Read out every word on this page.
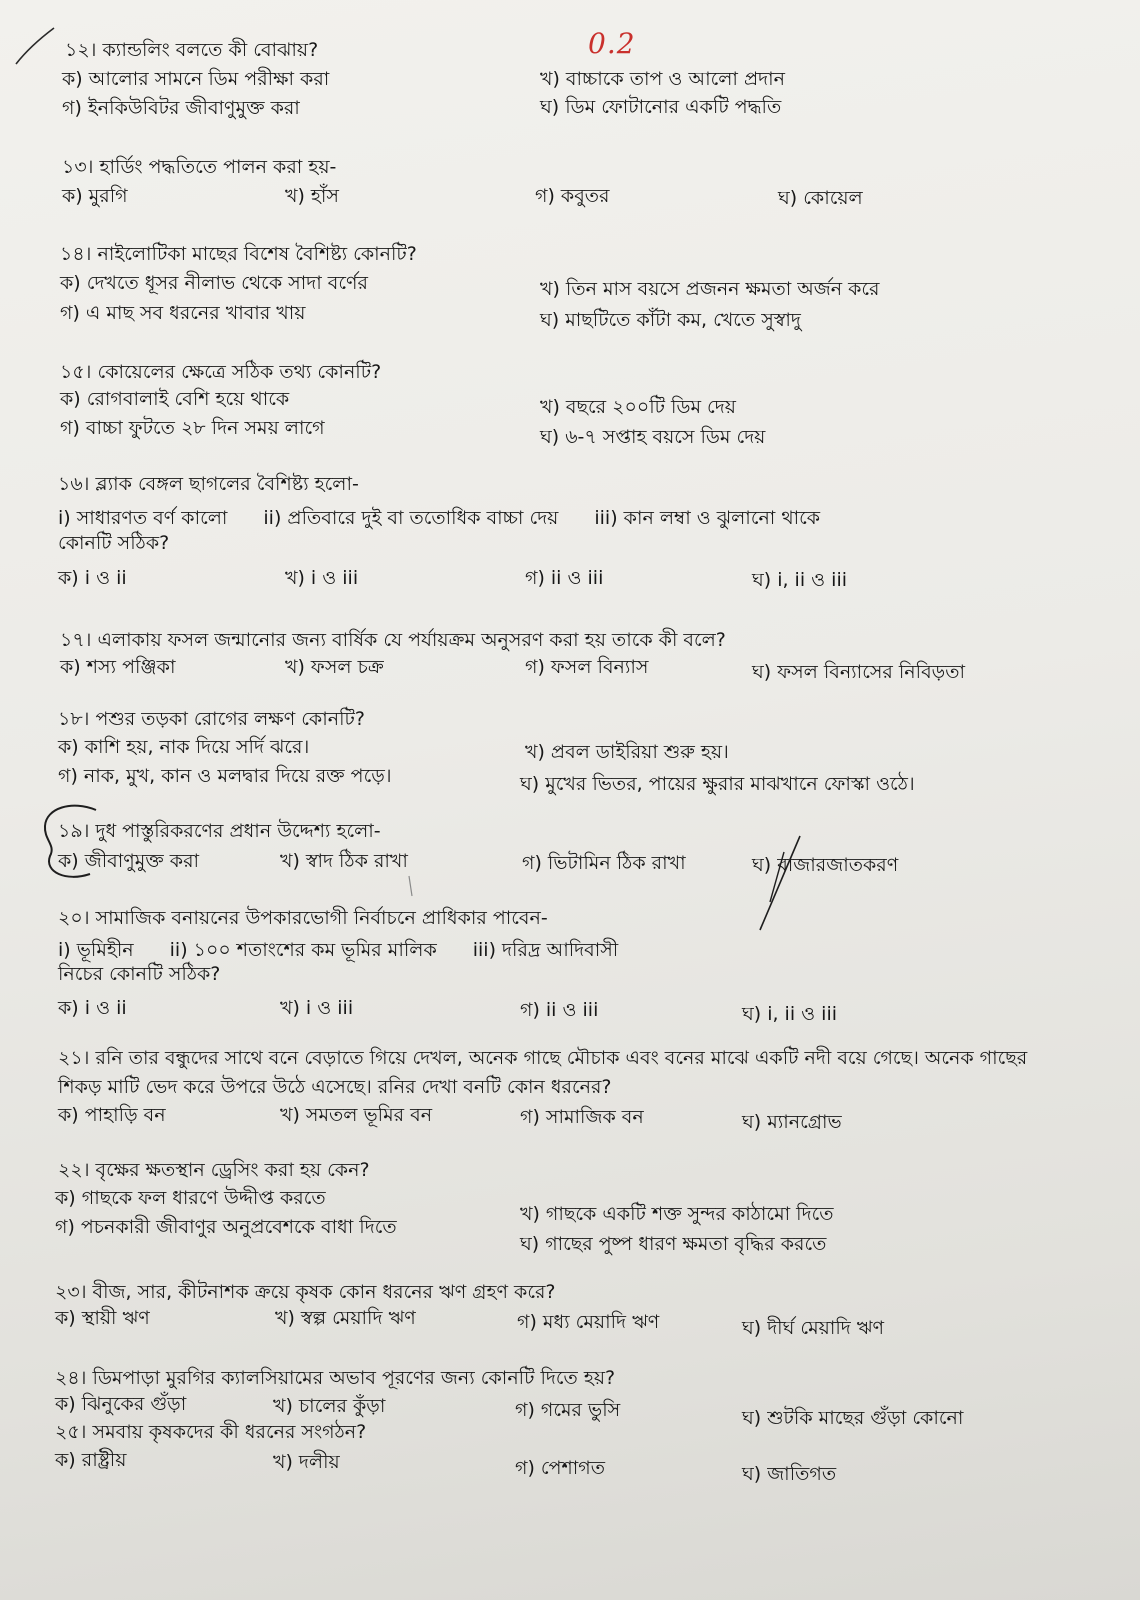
0.2
১২। ক্যান্ডলিং বলতে কী বোঝায়?
ক) আলোর সামনে ডিম পরীক্ষা করা	খ) বাচ্চাকে তাপ ও আলো প্রদান
গ) ইনকিউবিটর জীবাণুমুক্ত করা	ঘ) ডিম ফোটানোর একটি পদ্ধতি
১৩। হার্ডিং পদ্ধতিতে পালন করা হয়-
ক) মুরগি	খ) হাঁস	গ) কবুতর	ঘ) কোয়েল
১৪। নাইলোটিকা মাছের বিশেষ বৈশিষ্ট্য কোনটি?
ক) দেখতে ধূসর নীলাভ থেকে সাদা বর্ণের	খ) তিন মাস বয়সে প্রজনন ক্ষমতা অর্জন করে
গ) এ মাছ সব ধরনের খাবার খায়	ঘ) মাছটিতে কাঁটা কম, খেতে সুস্বাদু
১৫। কোয়েলের ক্ষেত্রে সঠিক তথ্য কোনটি?
ক) রোগবালাই বেশি হয়ে থাকে	খ) বছরে ২০০টি ডিম দেয়
গ) বাচ্চা ফুটতে ২৮ দিন সময় লাগে	ঘ) ৬-৭ সপ্তাহ বয়সে ডিম দেয়
১৬। ব্ল্যাক বেঙ্গল ছাগলের বৈশিষ্ট্য হলো-
i) সাধারণত বর্ণ কালো ii) প্রতিবারে দুই বা ততোধিক বাচ্চা দেয় iii) কান লম্বা ও ঝুলানো থাকে
কোনটি সঠিক?
ক) i ও ii	খ) i ও iii	গ) ii ও iii	ঘ) i, ii ও iii
১৭। এলাকায় ফসল জন্মানোর জন্য বার্ষিক যে পর্যায়ক্রম অনুসরণ করা হয় তাকে কী বলে?
ক) শস্য পঞ্জিকা	খ) ফসল চক্র	গ) ফসল বিন্যাস	ঘ) ফসল বিন্যাসের নিবিড়তা
১৮। পশুর তড়কা রোগের লক্ষণ কোনটি?
ক) কাশি হয়, নাক দিয়ে সর্দি ঝরে।	খ) প্রবল ডাইরিয়া শুরু হয়।
গ) নাক, মুখ, কান ও মলদ্বার দিয়ে রক্ত পড়ে।	ঘ) মুখের ভিতর, পায়ের ক্ষুরার মাঝখানে ফোস্কা ওঠে।
১৯। দুধ পাস্তুরিকরণের প্রধান উদ্দেশ্য হলো-
ক) জীবাণুমুক্ত করা	খ) স্বাদ ঠিক রাখা	গ) ভিটামিন ঠিক রাখা	ঘ) বাজারজাতকরণ
২০। সামাজিক বনায়নের উপকারভোগী নির্বাচনে প্রাধিকার পাবেন-
i) ভূমিহীন ii) ১০০ শতাংশের কম ভূমির মালিক iii) দরিদ্র আদিবাসী
নিচের কোনটি সঠিক?
ক) i ও ii	খ) i ও iii	গ) ii ও iii	ঘ) i, ii ও iii
২১। রনি তার বন্ধুদের সাথে বনে বেড়াতে গিয়ে দেখল, অনেক গাছে মৌচাক এবং বনের মাঝে একটি নদী বয়ে গেছে। অনেক গাছের শিকড় মাটি ভেদ করে উপরে উঠে এসেছে। রনির দেখা বনটি কোন ধরনের?
ক) পাহাড়ি বন	খ) সমতল ভূমির বন	গ) সামাজিক বন	ঘ) ম্যানগ্রোভ
২২। বৃক্ষের ক্ষতস্থান ড্রেসিং করা হয় কেন?
ক) গাছকে ফল ধারণে উদ্দীপ্ত করতে
খ) গাছকে একটি শক্ত সুন্দর কাঠামো দিতে
গ) পচনকারী জীবাণুর অনুপ্রবেশকে বাধা দিতে
ঘ) গাছের পুষ্প ধারণ ক্ষমতা বৃদ্ধির করতে
২৩। বীজ, সার, কীটনাশক ক্রয়ে কৃষক কোন ধরনের ঋণ গ্রহণ করে?
ক) স্থায়ী ঋণ	খ) স্বল্প মেয়াদি ঋণ	গ) মধ্য মেয়াদি ঋণ	ঘ) দীর্ঘ মেয়াদি ঋণ
২৪। ডিমপাড়া মুরগির ক্যালসিয়ামের অভাব পূরণের জন্য কোনটি দিতে হয়?
ক) ঝিনুকের গুঁড়া	খ) চালের কুঁড়া	গ) গমের ভুসি	ঘ) শুটকি মাছের গুঁড়া কোনো
২৫। সমবায় কৃষকদের কী ধরনের সংগঠন?
ক) রাষ্ট্রীয়	খ) দলীয়	গ) পেশাগত	ঘ) জাতিগত
